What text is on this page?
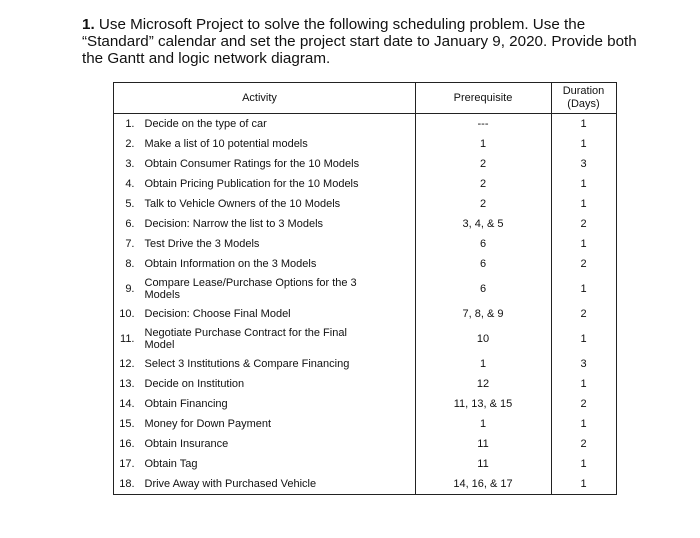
1. Use Microsoft Project to solve the following scheduling problem. Use the “Standard” calendar and set the project start date to January 9, 2020. Provide both the Gantt and logic network diagram.
	Activity	Prerequisite	Duration (Days)
1.	Decide on the type of car	---	1
2.	Make a list of 10 potential models	1	1
3.	Obtain Consumer Ratings for the 10 Models	2	3
4.	Obtain Pricing Publication for the 10 Models	2	1
5.	Talk to Vehicle Owners of the 10 Models	2	1
6.	Decision: Narrow the list to 3 Models	3, 4, & 5	2
7.	Test Drive the 3 Models	6	1
8.	Obtain Information on the 3 Models	6	2
9.	Compare Lease/Purchase Options for the 3 Models	6	1
10.	Decision: Choose Final Model	7, 8, & 9	2
11.	Negotiate Purchase Contract for the Final Model	10	1
12.	Select 3 Institutions & Compare Financing	1	3
13.	Decide on Institution	12	1
14.	Obtain Financing	11, 13, & 15	2
15.	Money for Down Payment	1	1
16.	Obtain Insurance	11	2
17.	Obtain Tag	11	1
18.	Drive Away with Purchased Vehicle	14, 16, & 17	1
